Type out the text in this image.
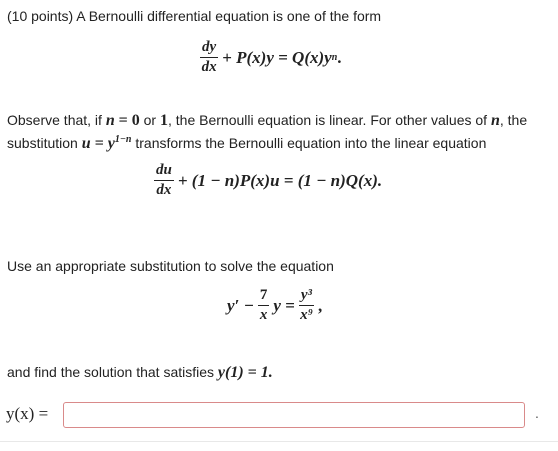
(10 points) A Bernoulli differential equation is one of the form

$\frac{dy}{dx} + P(x)y = Q(x)y$ n .

Observe that, if n = 0 or 1, the Bernoulli equation is linear. For other values of n, the

substitution $u = y^{1-n}$ transforms the Bernoulli equation into the linear equation

$\frac{du}{dx} + (1 - n)P(x)u = (1 - n)Q(x)$.

Use an appropriate substitution to solve the equation

$y' - \frac{7}{x}$ $y = \frac{\text{y³}}{\text{x⁹}}$ ,

and find the solution that satisfies y(1) = 1.

y(x) =	.
